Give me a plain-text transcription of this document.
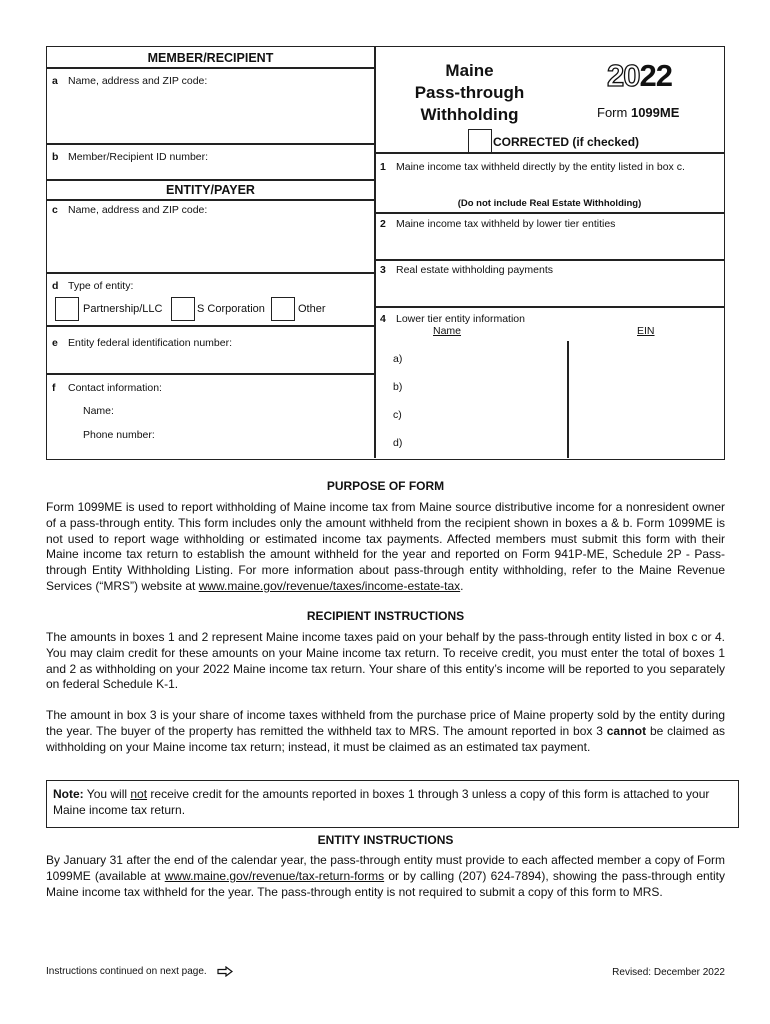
MEMBER/RECIPIENT
a Name, address and ZIP code:
b Member/Recipient ID number:
ENTITY/PAYER
c Name, address and ZIP code:
d Type of entity:
Partnership/LLC	S Corporation	Other
e Entity federal identification number:
f Contact information:
Name:
Phone number:
Maine
Pass-through
Withholding
2022
Form 1099ME
CORRECTED (if checked)
1 Maine income tax withheld directly by the entity listed in box c.
(Do not include Real Estate Withholding)
2 Maine income tax withheld by lower tier entities
3 Real estate withholding payments
4 Lower tier entity information
Name	EIN
a)
b)
c)
d)
PURPOSE OF FORM
Form 1099ME is used to report withholding of Maine income tax from Maine source distributive income for a nonresident owner of a pass-through entity. This form includes only the amount withheld from the recipient shown in boxes a & b. Form 1099ME is not used to report wage withholding or estimated income tax payments. Affected members must submit this form with their Maine income tax return to establish the amount withheld for the year and reported on Form 941P-ME, Schedule 2P - Pass-through Entity Withholding Listing. For more information about pass-through entity withholding, refer to the Maine Revenue Services (“MRS”) website at www.maine.gov/revenue/taxes/income-estate-tax.
RECIPIENT INSTRUCTIONS
The amounts in boxes 1 and 2 represent Maine income taxes paid on your behalf by the pass-through entity listed in box c or 4. You may claim credit for these amounts on your Maine income tax return. To receive credit, you must enter the total of boxes 1 and 2 as withholding on your 2022 Maine income tax return. Your share of this entity’s income will be reported to you separately on federal Schedule K-1.
The amount in box 3 is your share of income taxes withheld from the purchase price of Maine property sold by the entity during the year. The buyer of the property has remitted the withheld tax to MRS. The amount reported in box 3 cannot be claimed as withholding on your Maine income tax return; instead, it must be claimed as an estimated tax payment.
Note: You will not receive credit for the amounts reported in boxes 1 through 3 unless a copy of this form is attached to your Maine income tax return.
ENTITY INSTRUCTIONS
By January 31 after the end of the calendar year, the pass-through entity must provide to each affected member a copy of Form 1099ME (available at www.maine.gov/revenue/tax-return-forms or by calling (207) 624-7894), showing the pass-through entity Maine income tax withheld for the year. The pass-through entity is not required to submit a copy of this form to MRS.
Instructions continued on next page.	Revised: December 2022
